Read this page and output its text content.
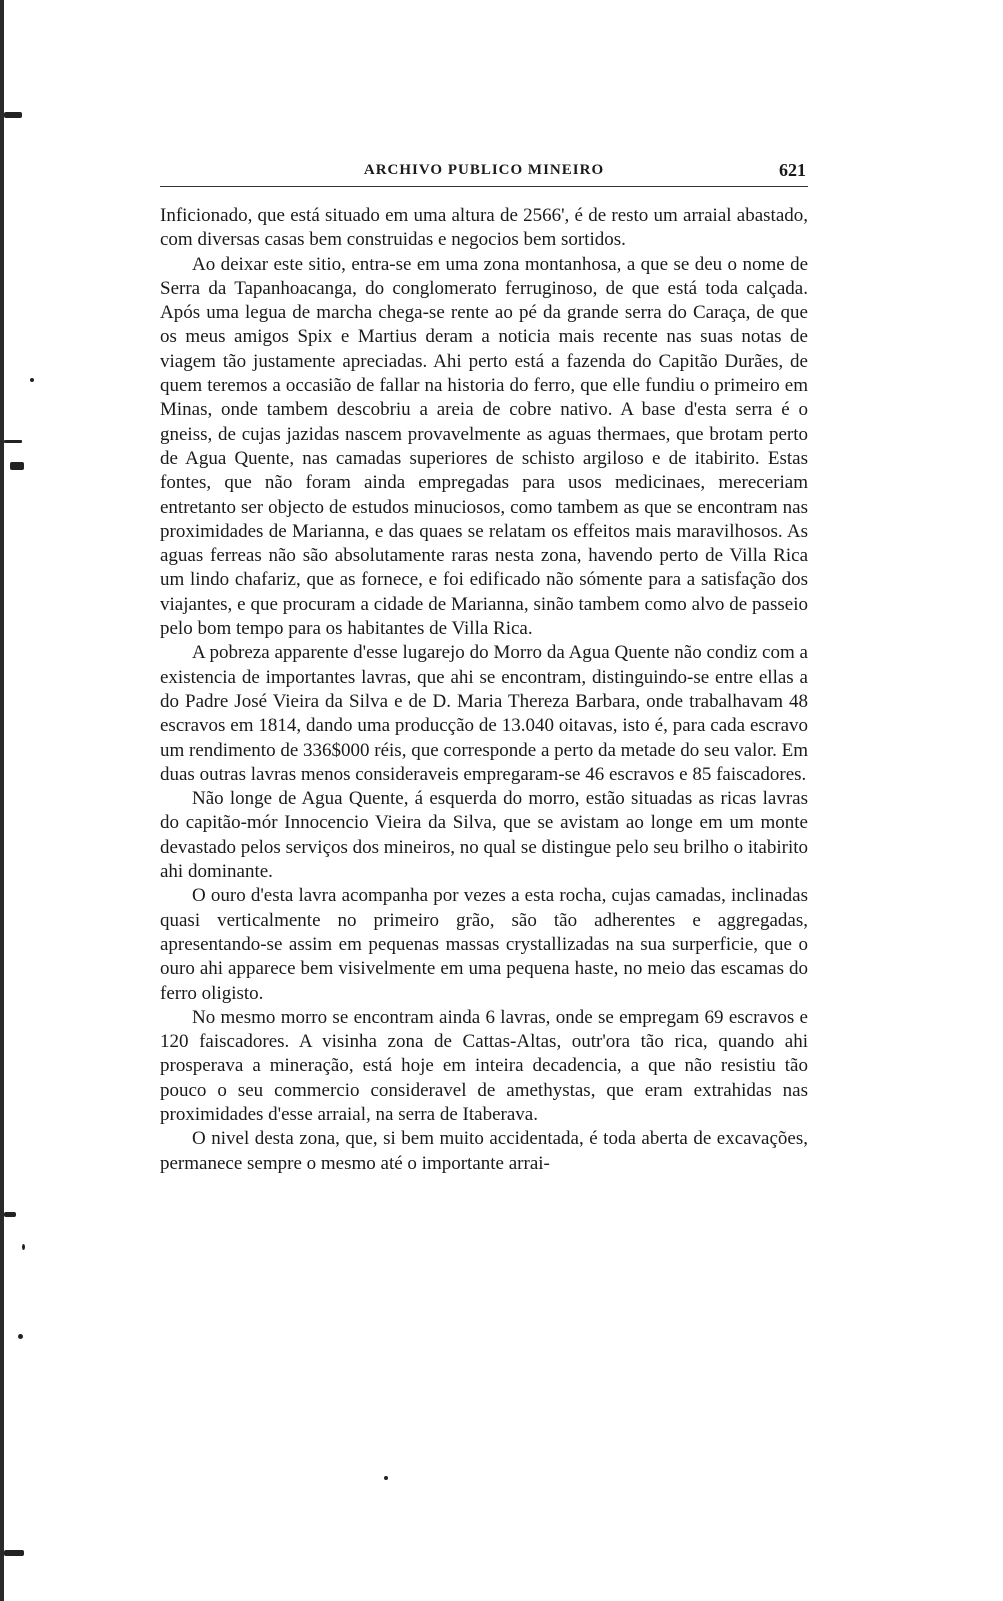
ARCHIVO PUBLICO MINEIRO	621

Inficionado, que está situado em uma altura de 2566', é de resto um arraial abastado, com diversas casas bem construidas e negocios bem sortidos.

Ao deixar este sitio, entra-se em uma zona montanhosa, a que se deu o nome de Serra da Tapanhoacanga, do conglomerato ferruginoso, de que está toda calçada. Após uma legua de marcha chega-se rente ao pé da grande serra do Caraça, de que os meus amigos Spix e Martius deram a noticia mais recente nas suas notas de viagem tão justamente apreciadas. Ahi perto está a fazenda do Capitão Durães, de quem teremos a occasião de fallar na historia do ferro, que elle fundiu o primeiro em Minas, onde tambem descobriu a areia de cobre nativo. A base d'esta serra é o gneiss, de cujas jazidas nascem provavelmente as aguas thermaes, que brotam perto de Agua Quente, nas camadas superiores de schisto argiloso e de itabirito. Estas fontes, que não foram ainda empregadas para usos medicinaes, mereceriam entretanto ser objecto de estudos minuciosos, como tambem as que se encontram nas proximidades de Marianna, e das quaes se relatam os effeitos mais maravilhosos. As aguas ferreas não são absolutamente raras nesta zona, havendo perto de Villa Rica um lindo chafariz, que as fornece, e foi edificado não sómente para a satisfação dos viajantes, e que procuram a cidade de Marianna, sinão tambem como alvo de passeio pelo bom tempo para os habitantes de Villa Rica.

A pobreza apparente d'esse lugarejo do Morro da Agua Quente não condiz com a existencia de importantes lavras, que ahi se encontram, distinguindo-se entre ellas a do Padre José Vieira da Silva e de D. Maria Thereza Barbara, onde trabalhavam 48 escravos em 1814, dando uma producção de 13.040 oitavas, isto é, para cada escravo um rendimento de 336$000 réis, que corresponde a perto da metade do seu valor. Em duas outras lavras menos consideraveis empregaram-se 46 escravos e 85 faiscadores.

Não longe de Agua Quente, á esquerda do morro, estão situadas as ricas lavras do capitão-mór Innocencio Vieira da Silva, que se avistam ao longe em um monte devastado pelos serviços dos mineiros, no qual se distingue pelo seu brilho o itabirito ahi dominante.

O ouro d'esta lavra acompanha por vezes a esta rocha, cujas camadas, inclinadas quasi verticalmente no primeiro grão, são tão adherentes e aggregadas, apresentando-se assim em pequenas massas crystallizadas na sua surperficie, que o ouro ahi apparece bem visivelmente em uma pequena haste, no meio das escamas do ferro oligisto.

No mesmo morro se encontram ainda 6 lavras, onde se empregam 69 escravos e 120 faiscadores. A visinha zona de Cattas-Altas, outr'ora tão rica, quando ahi prosperava a mineração, está hoje em inteira decadencia, a que não resistiu tão pouco o seu commercio consideravel de amethystas, que eram extrahidas nas proximidades d'esse arraial, na serra de Itaberava.

O nivel desta zona, que, si bem muito accidentada, é toda aberta de excavações, permanece sempre o mesmo até o importante arrai-
